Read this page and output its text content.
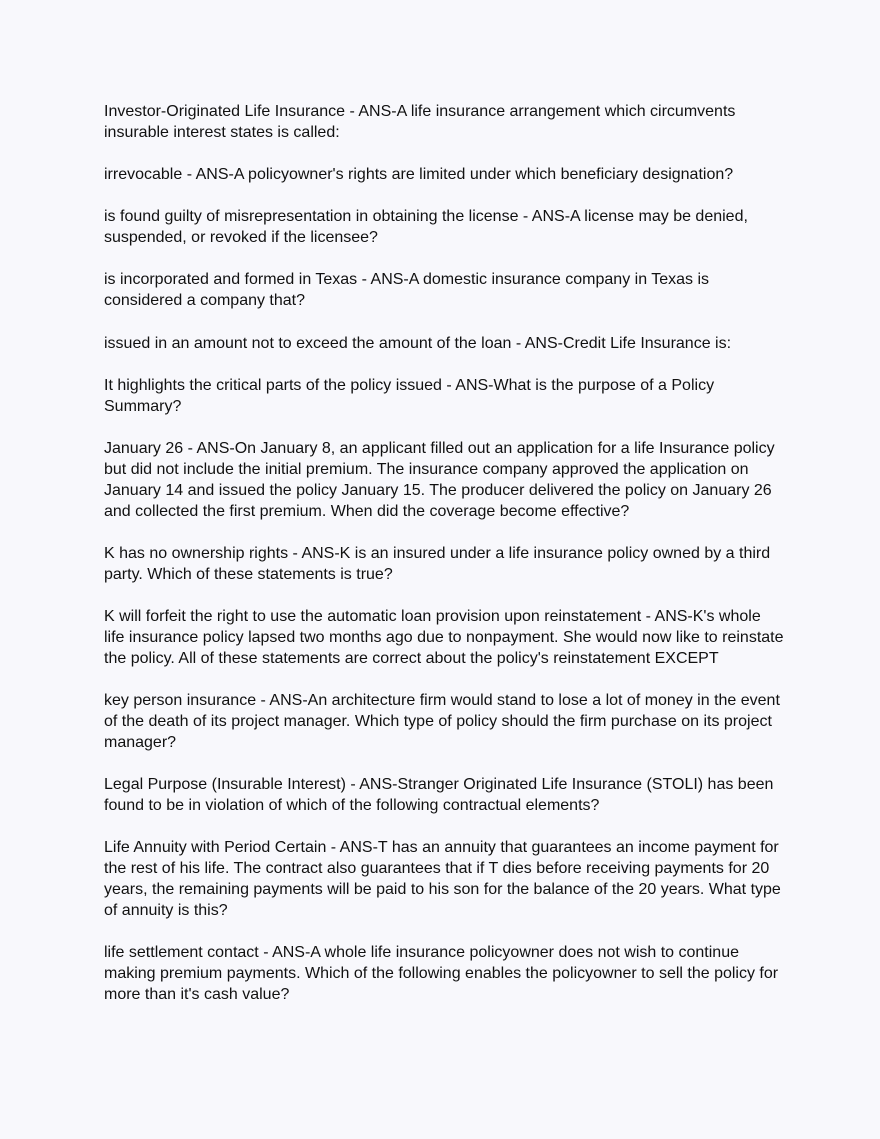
Investor-Originated Life Insurance - ANS-A life insurance arrangement which circumvents insurable interest states is called:

irrevocable - ANS-A policyowner's rights are limited under which beneficiary designation?

is found guilty of misrepresentation in obtaining the license - ANS-A license may be denied, suspended, or revoked if the licensee?

is incorporated and formed in Texas - ANS-A domestic insurance company in Texas is considered a company that?

issued in an amount not to exceed the amount of the loan - ANS-Credit Life Insurance is:

It highlights the critical parts of the policy issued - ANS-What is the purpose of a Policy Summary?

January 26 - ANS-On January 8, an applicant filled out an application for a life Insurance policy but did not include the initial premium. The insurance company approved the application on January 14 and issued the policy January 15. The producer delivered the policy on January 26 and collected the first premium. When did the coverage become effective?

K has no ownership rights - ANS-K is an insured under a life insurance policy owned by a third party. Which of these statements is true?

K will forfeit the right to use the automatic loan provision upon reinstatement - ANS-K's whole life insurance policy lapsed two months ago due to nonpayment. She would now like to reinstate the policy. All of these statements are correct about the policy's reinstatement EXCEPT

key person insurance - ANS-An architecture firm would stand to lose a lot of money in the event of the death of its project manager. Which type of policy should the firm purchase on its project manager?

Legal Purpose (Insurable Interest) - ANS-Stranger Originated Life Insurance (STOLI) has been found to be in violation of which of the following contractual elements?

Life Annuity with Period Certain - ANS-T has an annuity that guarantees an income payment for the rest of his life. The contract also guarantees that if T dies before receiving payments for 20 years, the remaining payments will be paid to his son for the balance of the 20 years. What type of annuity is this?

life settlement contact - ANS-A whole life insurance policyowner does not wish to continue making premium payments. Which of the following enables the policyowner to sell the policy for more than it's cash value?
